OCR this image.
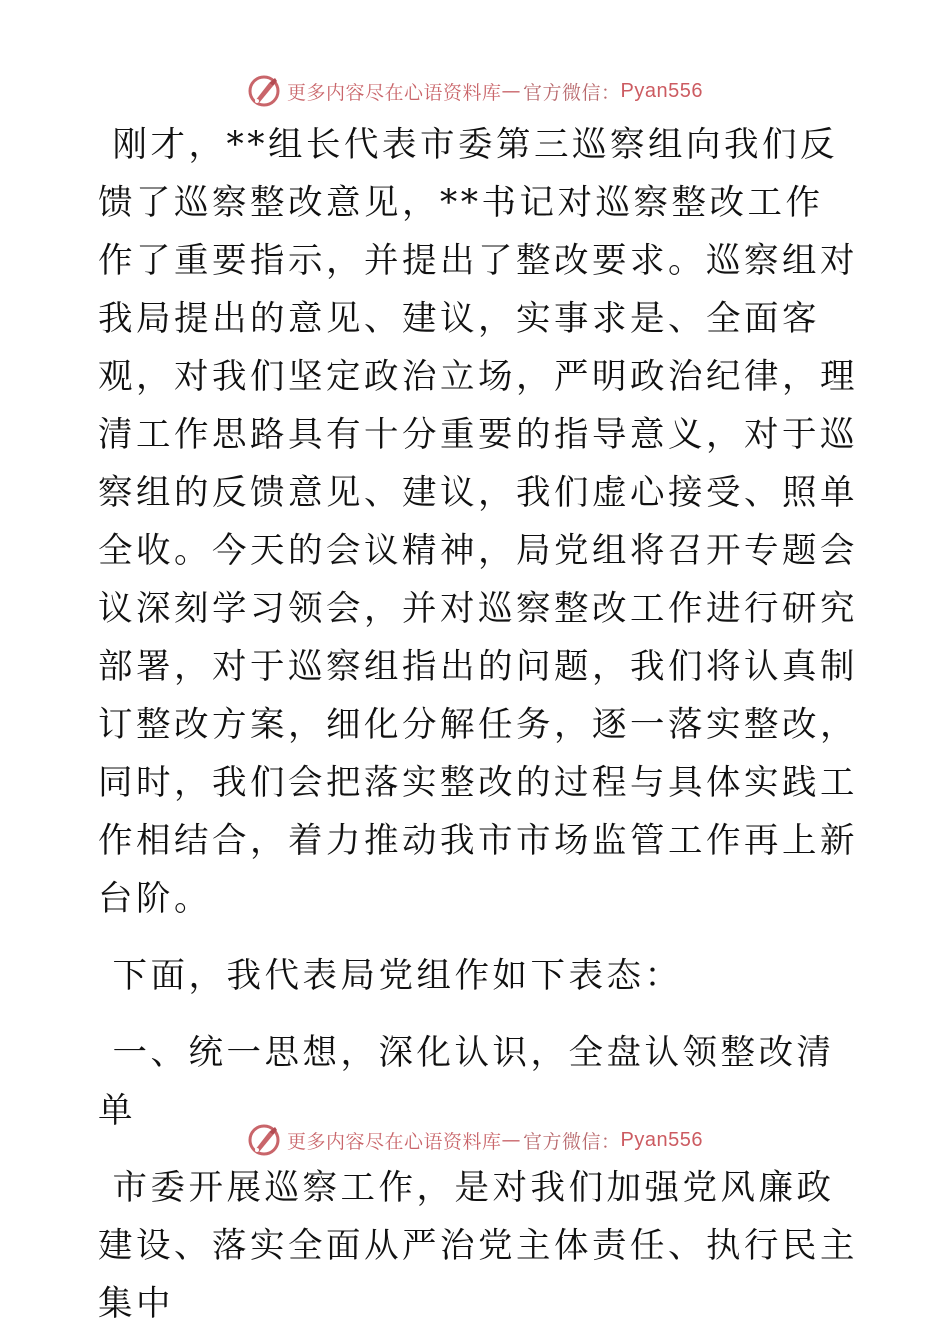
更多内容尽在心语资料库 — 官方微信： Pyan556

刚才，**组长代表市委第三巡察组向我们反馈了巡察整改意见，**书记对巡察整改工作作了重要指示，并提出了整改要求。巡察组对我局提出的意见、建议，实事求是、全面客观，对我们坚定政治立场，严明政治纪律，理清工作思路具有十分重要的指导意义，对于巡察组的反馈意见、建议，我们虚心接受、照单全收。今天的会议精神，局党组将召开专题会议深刻学习领会，并对巡察整改工作进行研究部署，对于巡察组指出的问题，我们将认真制订整改方案，细化分解任务，逐一落实整改，同时，我们会把落实整改的过程与具体实践工作相结合，着力推动我市市场监管工作再上新台阶。

下面，我代表局党组作如下表态：

一、统一思想，深化认识，全盘认领整改清单

市委开展巡察工作，是对我们加强党风廉政建设、落实全面从严治党主体责任、执行民主集中

更多内容尽在心语资料库 — 官方微信： Pyan556
